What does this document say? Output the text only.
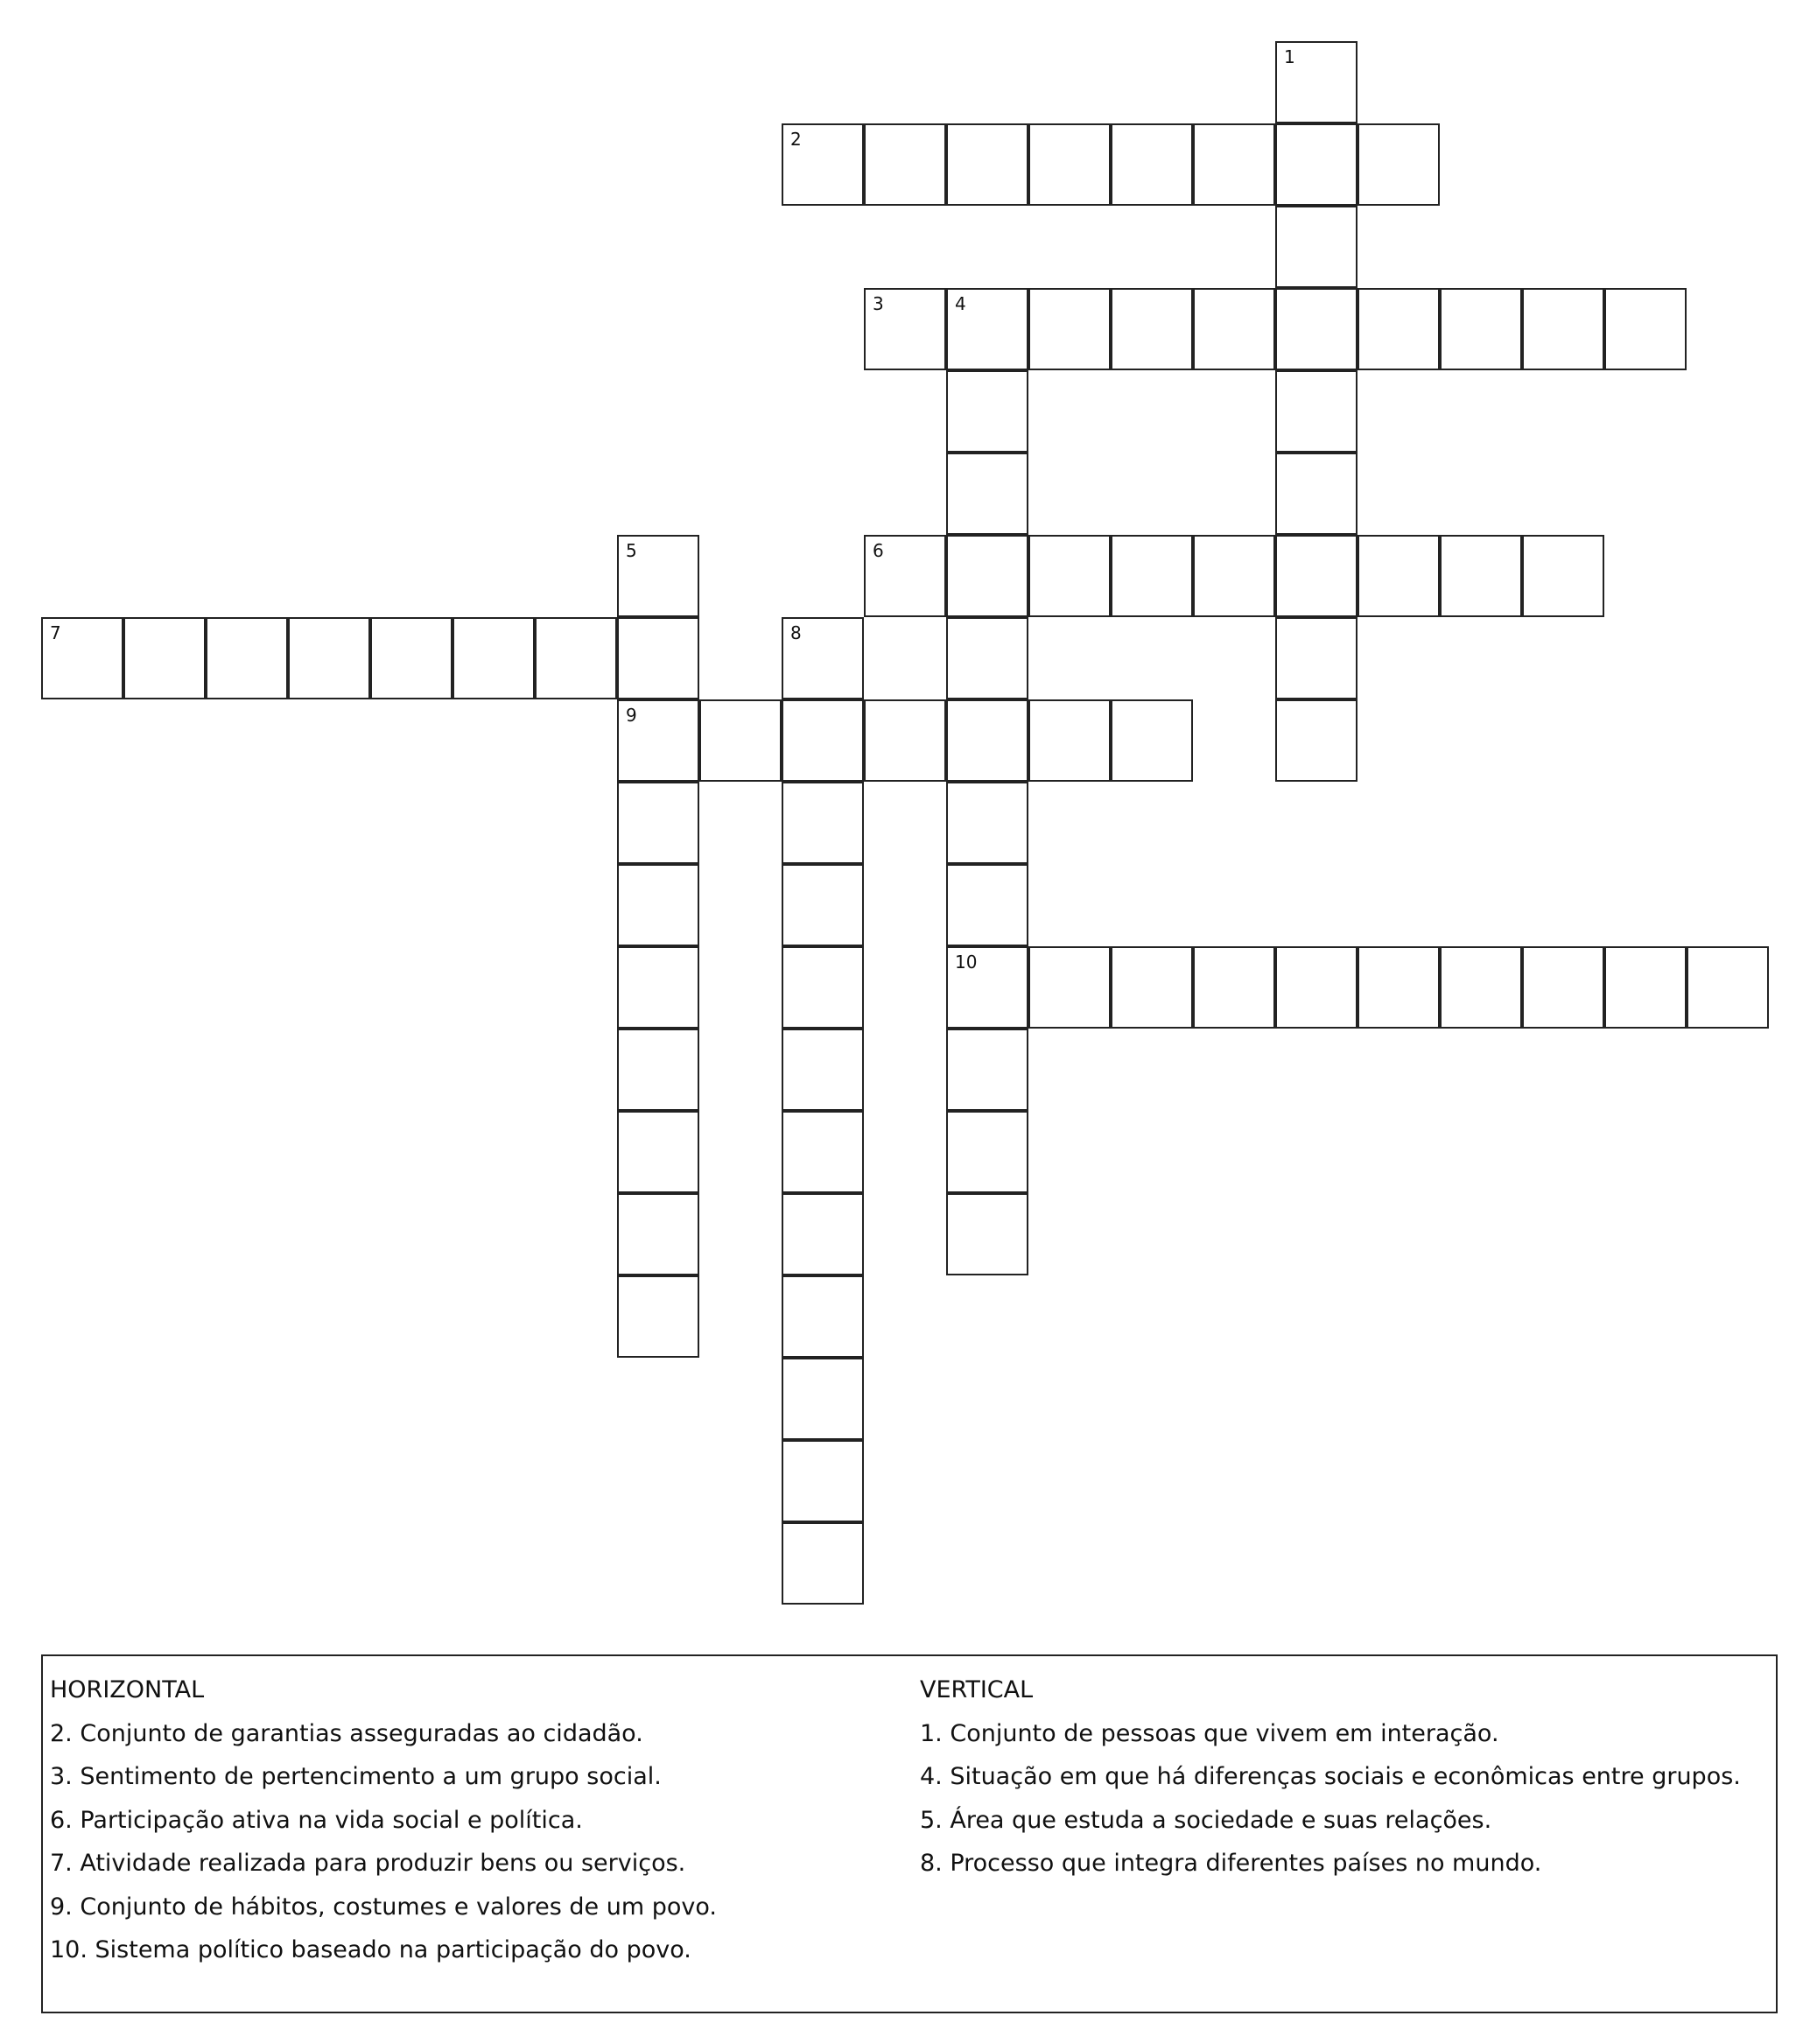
1
2
3	4
10
5
9
6
7	8
HORIZONTAL
2. Conjunto de garantias asseguradas ao cidadão.
3. Sentimento de pertencimento a um grupo social.
6. Participação ativa na vida social e política.
7. Atividade realizada para produzir bens ou serviços.
9. Conjunto de hábitos, costumes e valores de um povo.
10. Sistema político baseado na participação do povo.
VERTICAL
1. Conjunto de pessoas que vivem em interação.
4. Situação em que há diferenças sociais e econômicas entre grupos.
5. Área que estuda a sociedade e suas relações.
8. Processo que integra diferentes países no mundo.
